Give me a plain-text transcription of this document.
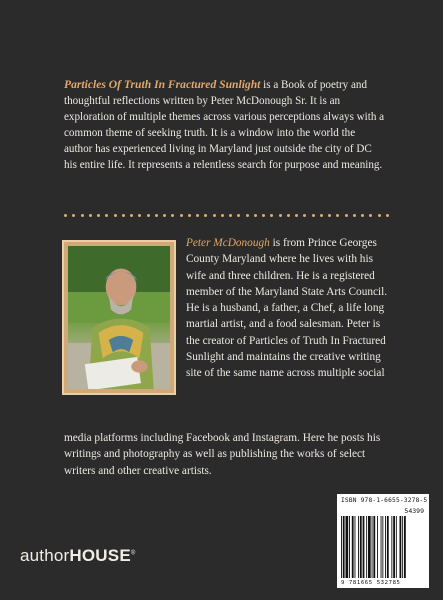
Particles Of Truth In Fractured Sunlight is a Book of poetry and thoughtful reflections written by Peter McDonough Sr. It is an exploration of multiple themes across various perceptions always with a common theme of seeking truth. It is a window into the world the author has experienced living in Maryland just outside the city of DC his entire life. It represents a relentless search for purpose and meaning.

Peter McDonough is from Prince Georges County Maryland where he lives with his wife and three children. He is a registered member of the Maryland State Arts Council. He is a husband, a father, a Chef, a life long martial artist, and a food salesman. Peter is the creator of Particles of Truth In Fractured Sunlight and maintains the creative writing site of the same name across multiple social

media platforms including Facebook and Instagram. Here he posts his writings and photography as well as publishing the works of select writers and other creative artists.

authorHOUSE®
ISBN 978-1-6655-3278-5
54399
9 781665 532785
